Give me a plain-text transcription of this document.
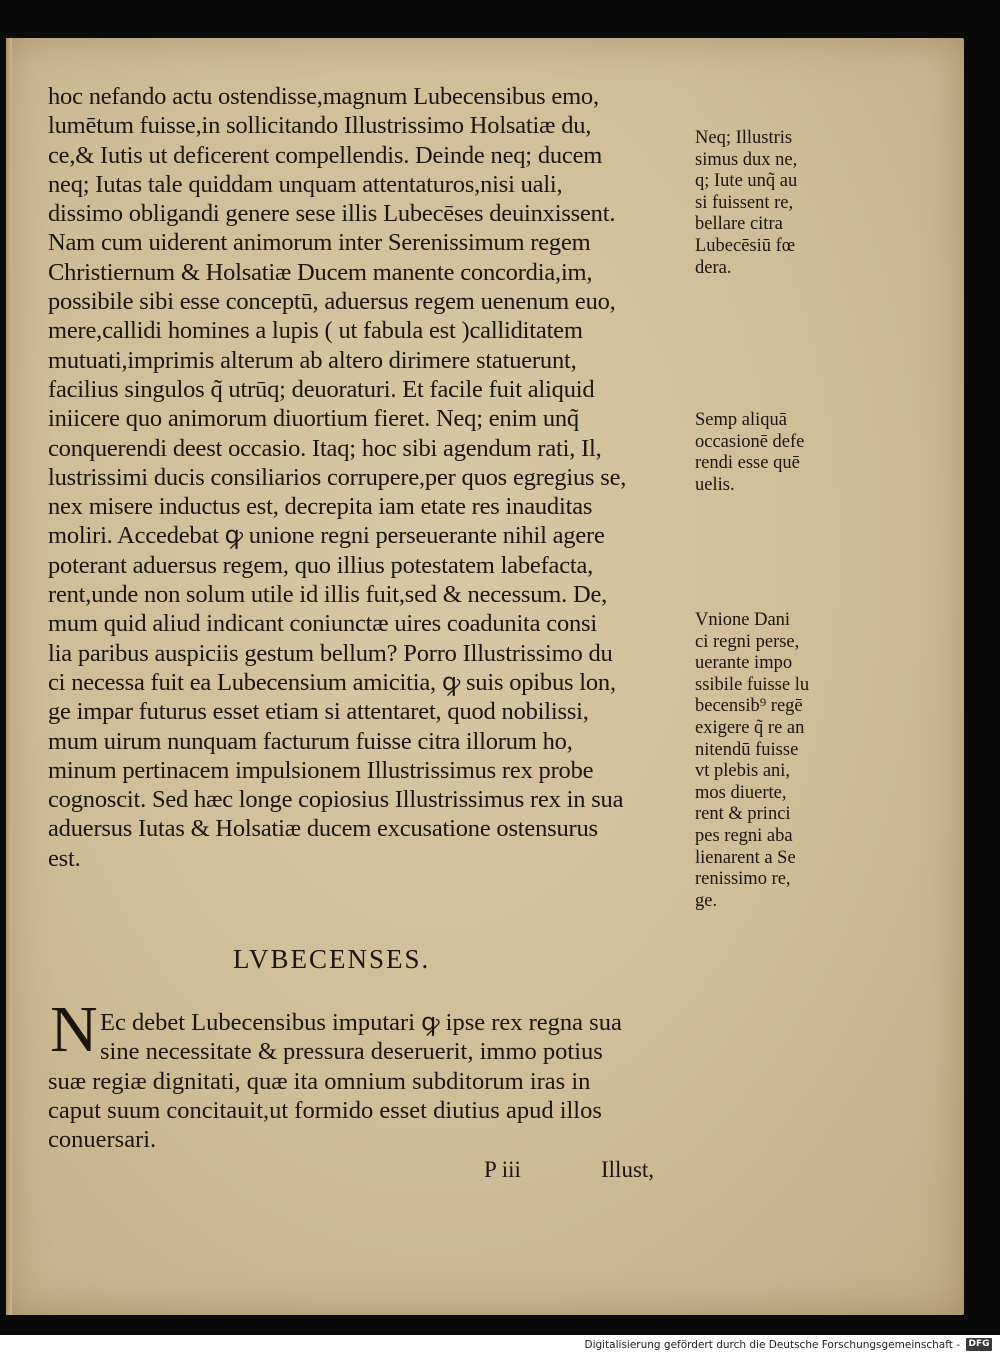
hoc nefando actu ostendisse,magnum Lubecensibus emo,
lumētum fuisse,in sollicitando Illustrissimo Holsatiæ du,
ce,& Iutis ut deficerent compellendis. Deinde neq; ducem
neq; Iutas tale quiddam unquam attentaturos,nisi uali,
dissimo obligandi genere sese illis Lubecēses deuinxissent.
Nam cum uiderent animorum inter Serenissimum regem
Christiernum & Holsatiæ Ducem manente concordia,im,
possibile sibi esse conceptū, aduersus regem uenenum euo,
mere,callidi homines a lupis ( ut fabula est )calliditatem
mutuati,imprimis alterum ab altero dirimere statuerunt,
facilius singulos q̃ utrūq; deuoraturi. Et facile fuit aliquid
iniicere quo animorum diuortium fieret. Neq; enim unq̃
conquerendi deest occasio. Itaq; hoc sibi agendum rati, Il,
lustrissimi ducis consiliarios corrupere,per quos egregius se,
nex misere inductus est, decrepita iam etate res inauditas
moliri. Accedebat ꝙ unione regni perseuerante nihil agere
poterant aduersus regem, quo illius potestatem labefacta,
rent,unde non solum utile id illis fuit,sed & necessum. De,
mum quid aliud indicant coniunctæ uires coadunita consi
lia paribus auspiciis gestum bellum? Porro Illustrissimo du
ci necessa fuit ea Lubecensium amicitia, ꝙ suis opibus lon,
ge impar futurus esset etiam si attentaret, quod nobilissi,
mum uirum nunquam facturum fuisse citra illorum ho,
minum pertinacem impulsionem Illustrissimus rex probe
cognoscit. Sed hæc longe copiosius Illustrissimus rex in sua
aduersus Iutas & Holsatiæ ducem excusatione ostensurus
est.
Neq; Illustris
simus dux ne,
q; Iute unq̃ au
si fuissent re,
bellare citra
Lubecēsiū fœ
dera.
Semp aliquā
occasionē defe
rendi esse quē
uelis.
Vnione Dani
ci regni perse,
uerante impo
ssibile fuisse lu
becensib⁹ regē
exigere q̃ re an
nitendū fuisse
vt plebis ani,
mos diuerte,
rent & princi
pes regni aba
lienarent a Se
renissimo re,
ge.
LVBECENSES.
N Ec debet Lubecensibus imputari ꝙ ipse rex regna sua
sine necessitate & pressura deseruerit, immo potius
suæ regiæ dignitati, quæ ita omnium subditorum iras in
caput suum concitauit,ut formido esset diutius apud illos
conuersari.
P iii	Illust,
Digitalisierung gefördert durch die Deutsche Forschungsgemeinschaft - DFG
